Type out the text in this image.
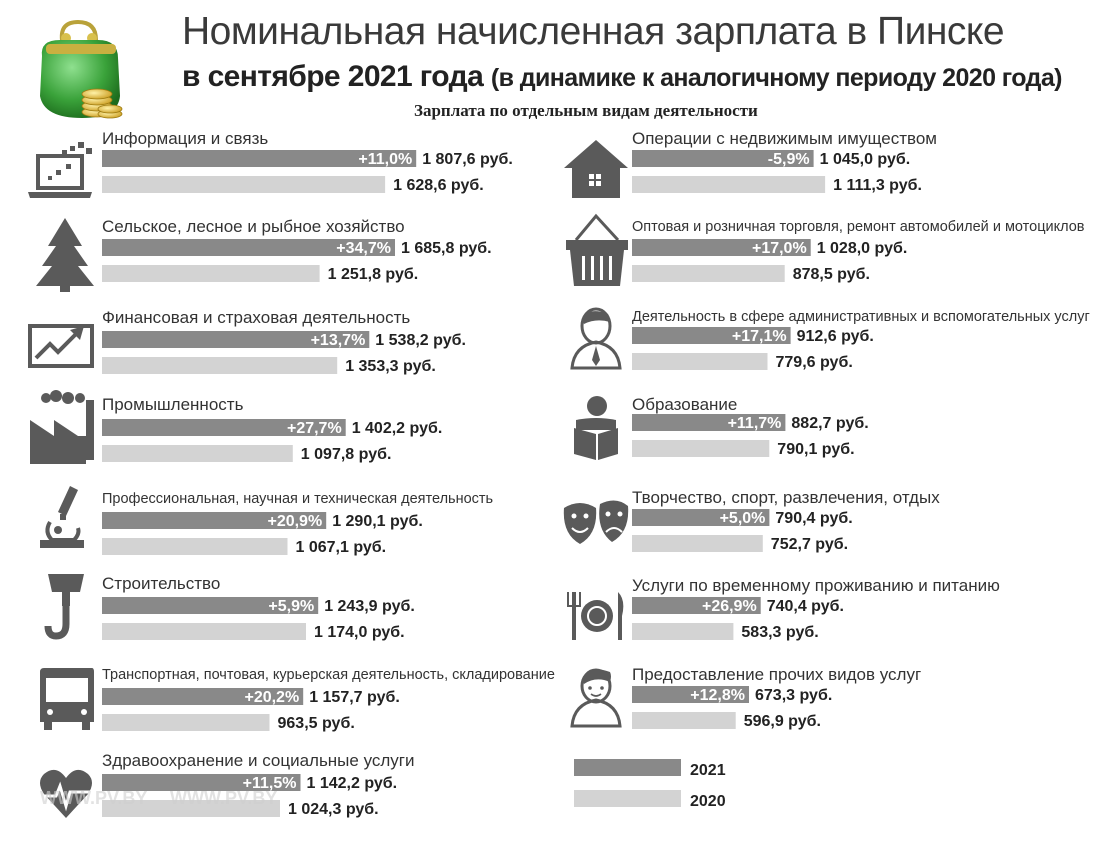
Номинальная начисленная зарплата в Пинске
в сентябре 2021 года (в динамике к аналогичному периоду 2020 года)
Зарплата по отдельным видам деятельности
Информация и связь
+11,0% 1 807,6 руб.
1 628,6 руб.
Сельское, лесное и рыбное хозяйство
+34,7% 1 685,8 руб.
1 251,8 руб.
Финансовая и страховая деятельность
+13,7% 1 538,2 руб.
1 353,3 руб.
Промышленность
+27,7% 1 402,2 руб.
1 097,8 руб.
Профессиональная, научная и техническая деятельность
+20,9% 1 290,1 руб.
1 067,1 руб.
Строительство
+5,9% 1 243,9 руб.
1 174,0 руб.
Транспортная, почтовая, курьерская деятельность, складирование
+20,2% 1 157,7 руб.
963,5 руб.
Здравоохранение и социальные услуги
+11,5% 1 142,2 руб.
1 024,3 руб.
Операции с недвижимым имуществом
-5,9% 1 045,0 руб.
1 111,3 руб.
Оптовая и розничная торговля, ремонт автомобилей и мотоциклов
+17,0% 1 028,0 руб.
878,5 руб.
Деятельность в сфере административных и вспомогательных услуг
+17,1% 912,6 руб.
779,6 руб.
Образование
+11,7% 882,7 руб.
790,1 руб.
Творчество, спорт, развлечения, отдых
+5,0% 790,4 руб.
752,7 руб.
Услуги по временному проживанию и питанию
+26,9% 740,4 руб.
583,3 руб.
Предоставление прочих видов услуг
+12,8% 673,3 руб.
596,9 руб.
2021
2020
WWW.PV.BY WWW.PV.BY
